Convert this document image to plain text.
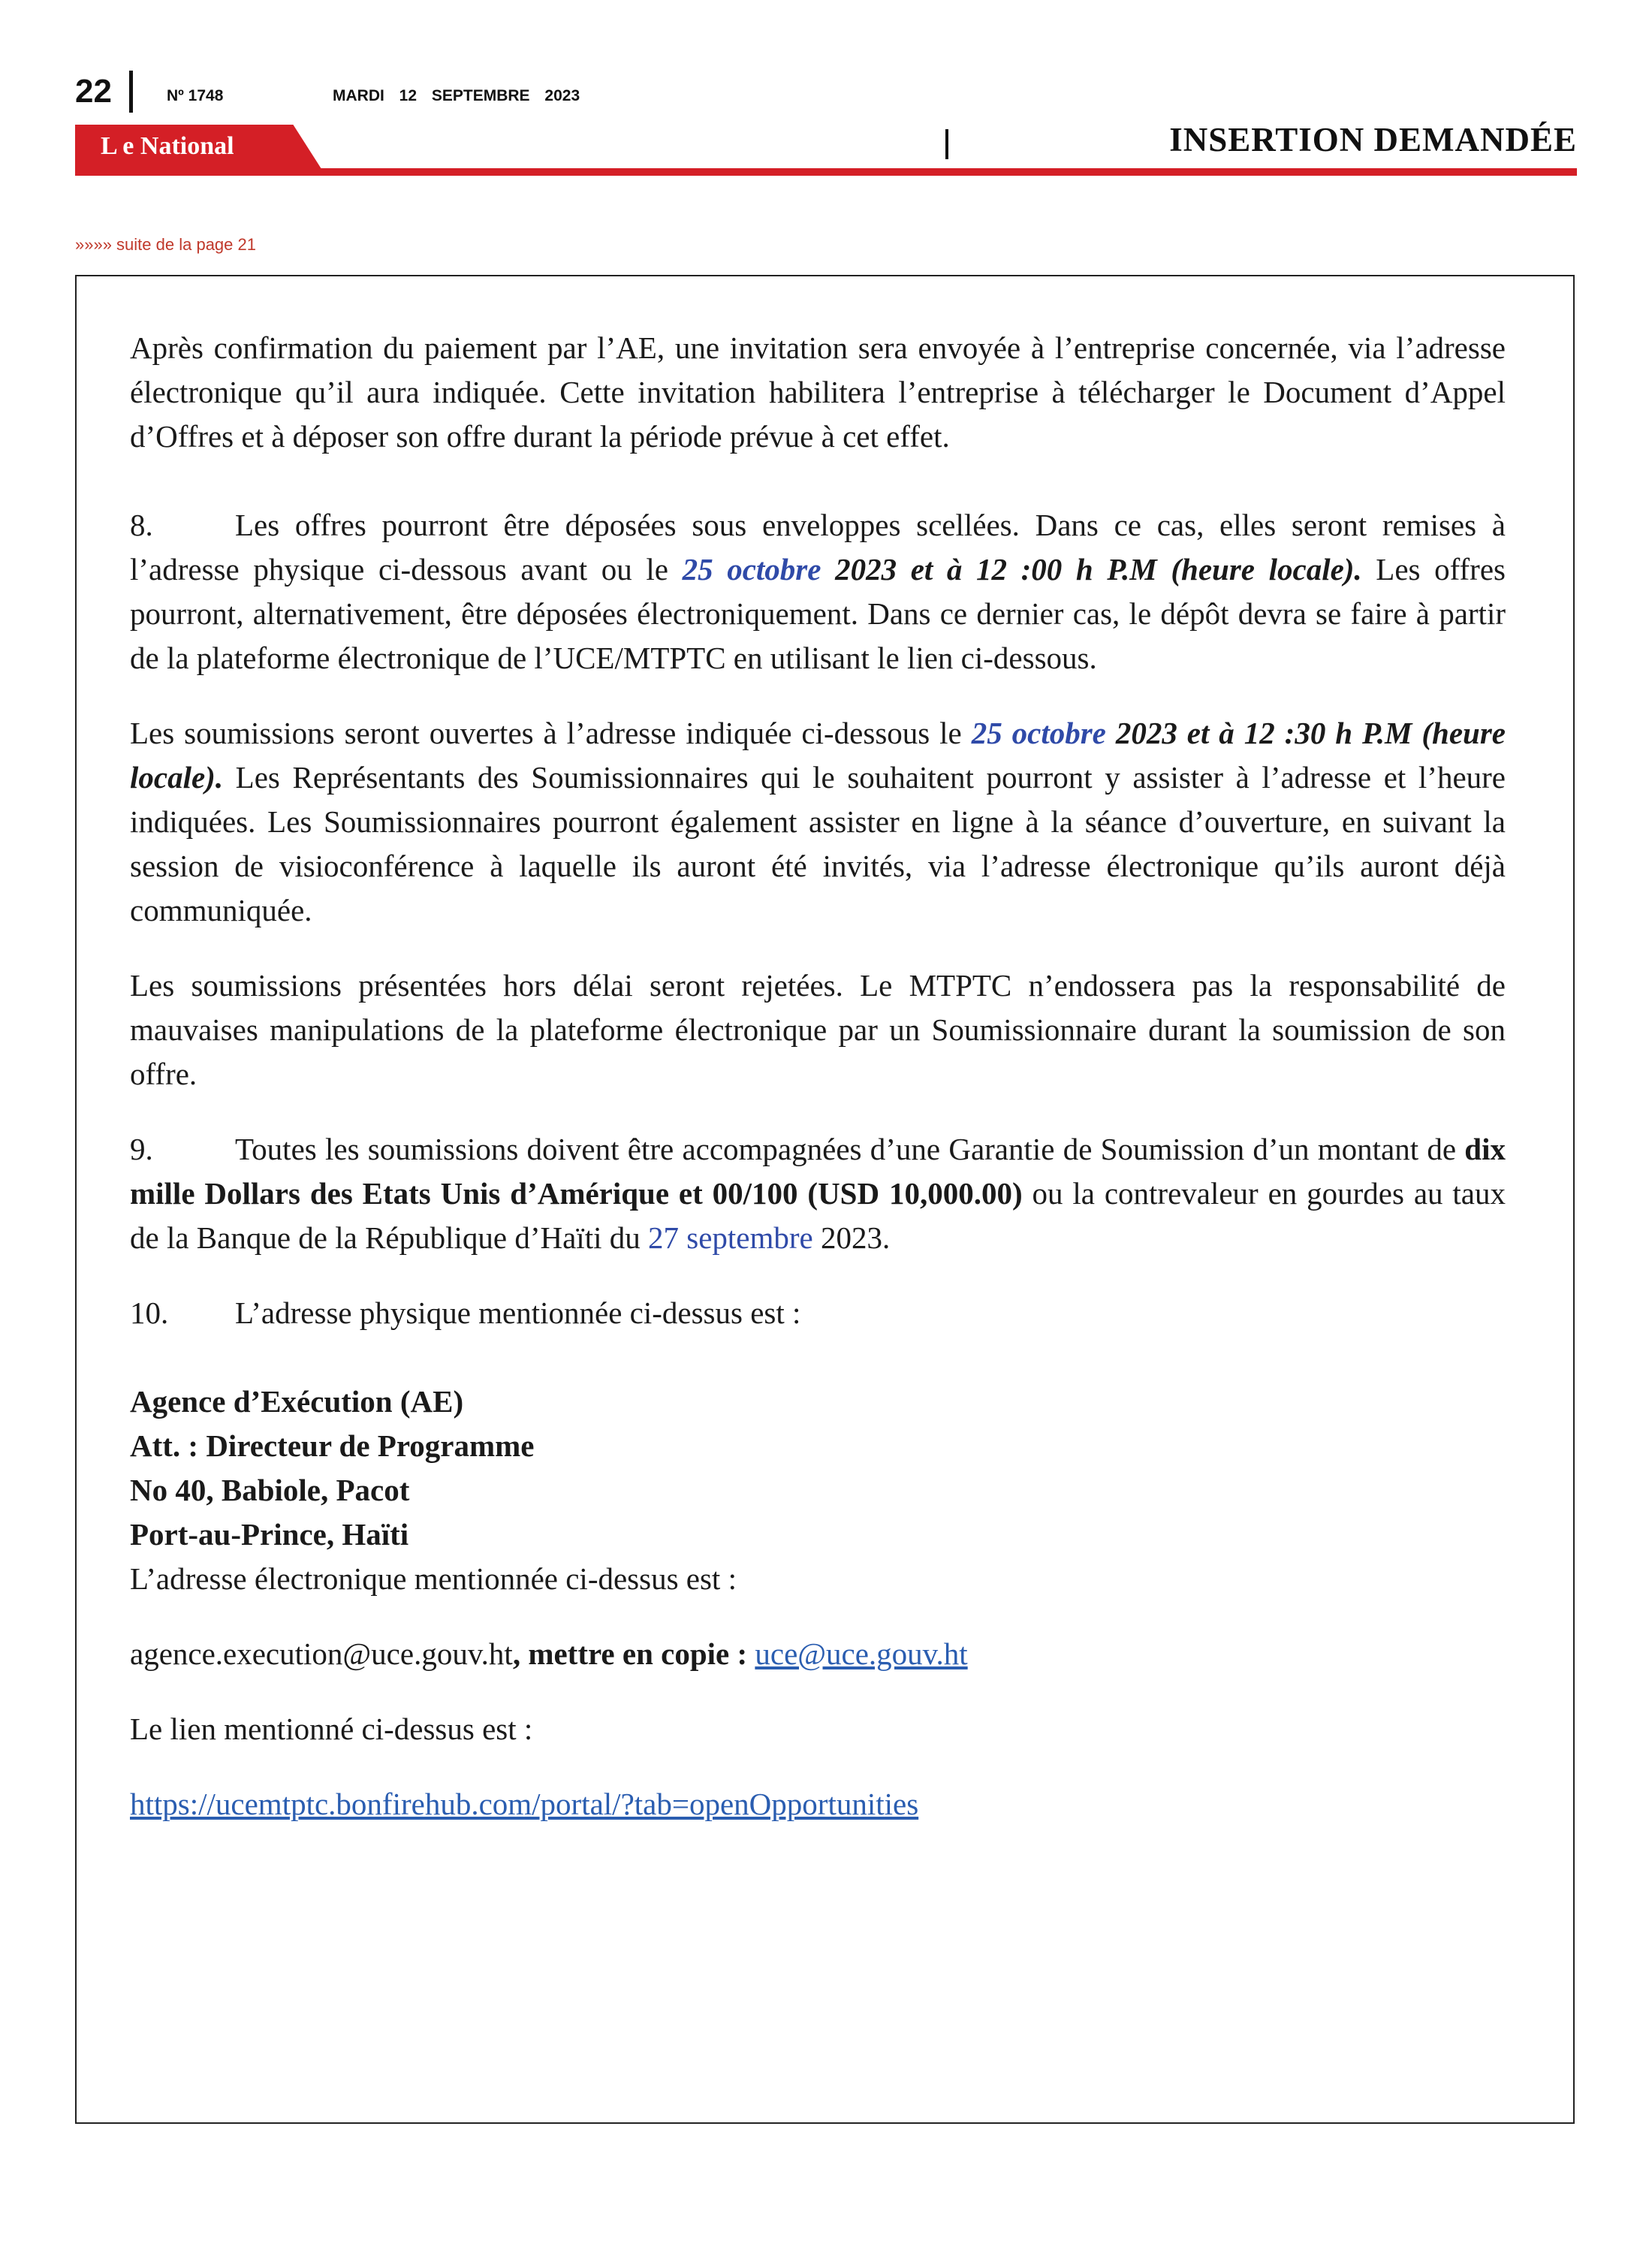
22	Nº 1748	MARDI 12 SEPTEMBRE 2023
L e National	INSERTION DEMANDÉE
»»»» suite de la page 21

Après confirmation du paiement par l’AE, une invitation sera envoyée à l’entreprise concernée, via l’adresse électronique qu’il aura indiquée. Cette invitation habilitera l’entreprise à télécharger le Document d’Appel d’Offres et à déposer son offre durant la période prévue à cet effet.

8.	Les offres pourront être déposées sous enveloppes scellées. Dans ce cas, elles seront remises à l’adresse physique ci-dessous avant ou le 25 octobre 2023 et à 12 :00 h P.M (heure locale). Les offres pourront, alternativement, être déposées électroniquement. Dans ce dernier cas, le dépôt devra se faire à partir de la plateforme électronique de l’UCE/MTPTC en utilisant le lien ci-dessous.

Les soumissions seront ouvertes à l’adresse indiquée ci-dessous le 25 octobre 2023 et à 12 :30 h P.M (heure locale). Les Représentants des Soumissionnaires qui le souhaitent pourront y assister à l’adresse et l’heure indiquées. Les Soumissionnaires pourront également assister en ligne à la séance d’ouverture, en suivant la session de visioconférence à laquelle ils auront été invités, via l’adresse électronique qu’ils auront déjà communiquée.

Les soumissions présentées hors délai seront rejetées. Le MTPTC n’endossera pas la responsabilité de mauvaises manipulations de la plateforme électronique par un Soumissionnaire durant la soumission de son offre.

9.	Toutes les soumissions doivent être accompagnées d’une Garantie de Soumission d’un montant de dix mille Dollars des Etats Unis d’Amérique et 00/100 (USD 10,000.00) ou la contrevaleur en gourdes au taux de la Banque de la République d’Haïti du 27 septembre 2023.

10. L’adresse physique mentionnée ci-dessus est :

Agence d’Exécution (AE)

Att. : Directeur de Programme

No 40, Babiole, Pacot

Port-au-Prince, Haïti

L’adresse électronique mentionnée ci-dessus est :

agence.execution@uce.gouv.ht, mettre en copie : uce@uce.gouv.ht

Le lien mentionné ci-dessus est :

https://ucemtptc.bonfirehub.com/portal/?tab=openOpportunities
